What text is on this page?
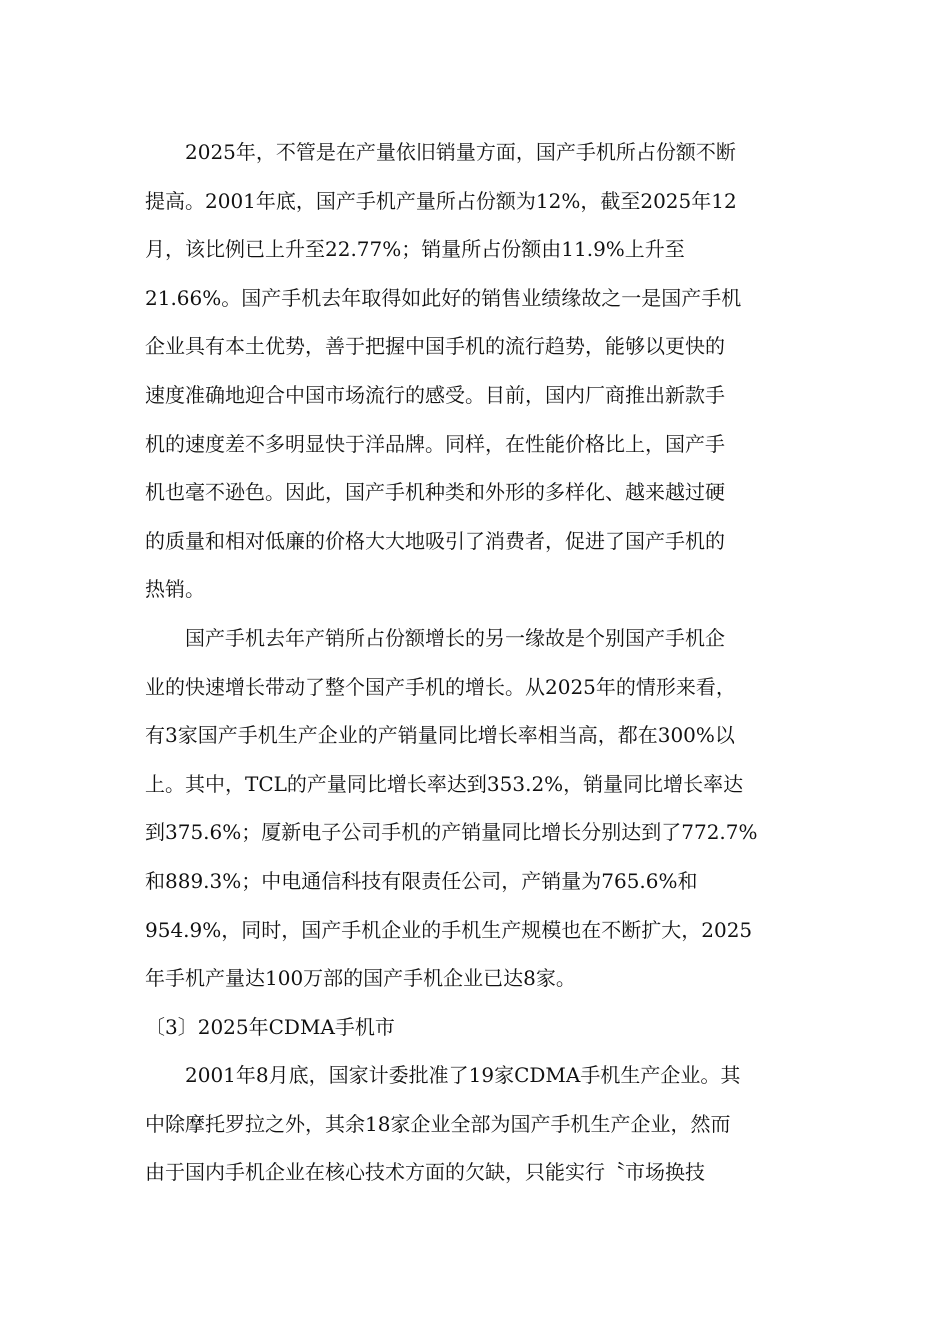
2025年，不管是在产量依旧销量方面，国产手机所占份额不断
提高。2001年底，国产手机产量所占份额为12%，截至2025年12
月，该比例已上升至22.77%；销量所占份额由11.9%上升至
21.66%。国产手机去年取得如此好的销售业绩缘故之一是国产手机
企业具有本土优势，善于把握中国手机的流行趋势，能够以更快的
速度准确地迎合中国市场流行的感受。目前，国内厂商推出新款手
机的速度差不多明显快于洋品牌。同样，在性能价格比上，国产手
机也毫不逊色。因此，国产手机种类和外形的多样化、越来越过硬
的质量和相对低廉的价格大大地吸引了消费者，促进了国产手机的
热销。

国产手机去年产销所占份额增长的另一缘故是个别国产手机企
业的快速增长带动了整个国产手机的增长。从2025年的情形来看，
有3家国产手机生产企业的产销量同比增长率相当高，都在300%以
上。其中，TCL的产量同比增长率达到353.2%，销量同比增长率达
到375.6%；厦新电子公司手机的产销量同比增长分别达到了772.7%
和889.3%；中电通信科技有限责任公司，产销量为765.6%和
954.9%，同时，国产手机企业的手机生产规模也在不断扩大，2025
年手机产量达100万部的国产手机企业已达8家。

〔3〕2025年CDMA手机市

2001年8月底，国家计委批准了19家CDMA手机生产企业。其
中除摩托罗拉之外，其余18家企业全部为国产手机生产企业，然而
由于国内手机企业在核心技术方面的欠缺，只能实行〝市场换技
